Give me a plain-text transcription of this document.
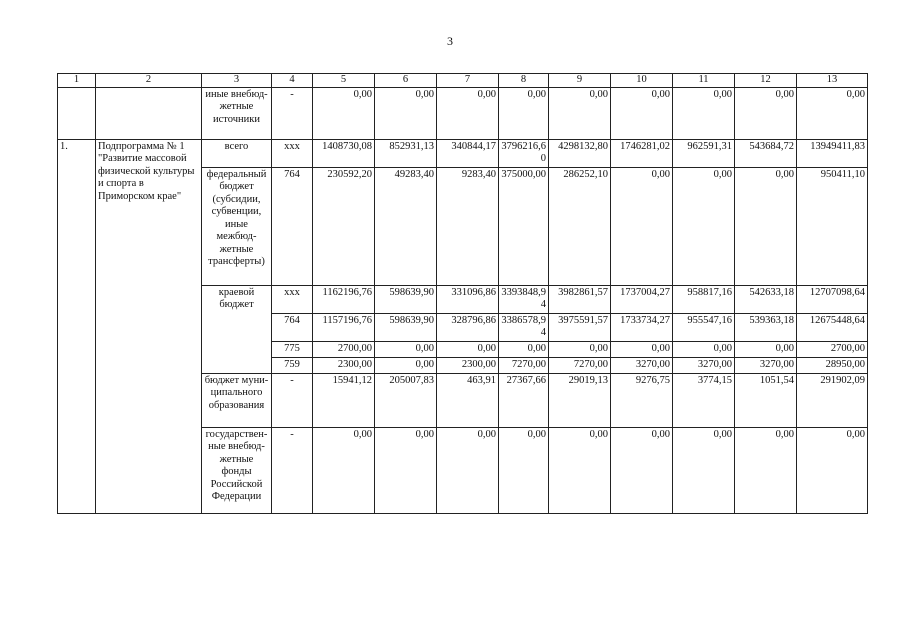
3
1	2	3	4	5	6	7	8	9	10	11	12	13
		иные внебюд-жетные источники	-	0,00	0,00	0,00	0,00	0,00	0,00	0,00	0,00	0,00
1.	Подпрограмма № 1 "Развитие массовой физической культуры и спорта в Приморском крае"	всего	xxx	1408730,08	852931,13	340844,17	3796216,60	4298132,80	1746281,02	962591,31	543684,72	13949411,83
		федеральный бюджет (субсидии, субвенции, иные межбюд-жетные трансферты)	764	230592,20	49283,40	9283,40	375000,00	286252,10	0,00	0,00	0,00	950411,10
		краевой бюджет	xxx	1162196,76	598639,90	331096,86	3393848,94	3982861,57	1737004,27	958817,16	542633,18	12707098,64
			764	1157196,76	598639,90	328796,86	3386578,94	3975591,57	1733734,27	955547,16	539363,18	12675448,64
			775	2700,00	0,00	0,00	0,00	0,00	0,00	0,00	0,00	2700,00
			759	2300,00	0,00	2300,00	7270,00	7270,00	3270,00	3270,00	3270,00	28950,00
		бюджет муни-ципального образования	-	15941,12	205007,83	463,91	27367,66	29019,13	9276,75	3774,15	1051,54	291902,09
		государствен-ные внебюд-жетные фонды Российской Федерации	-	0,00	0,00	0,00	0,00	0,00	0,00	0,00	0,00	0,00
